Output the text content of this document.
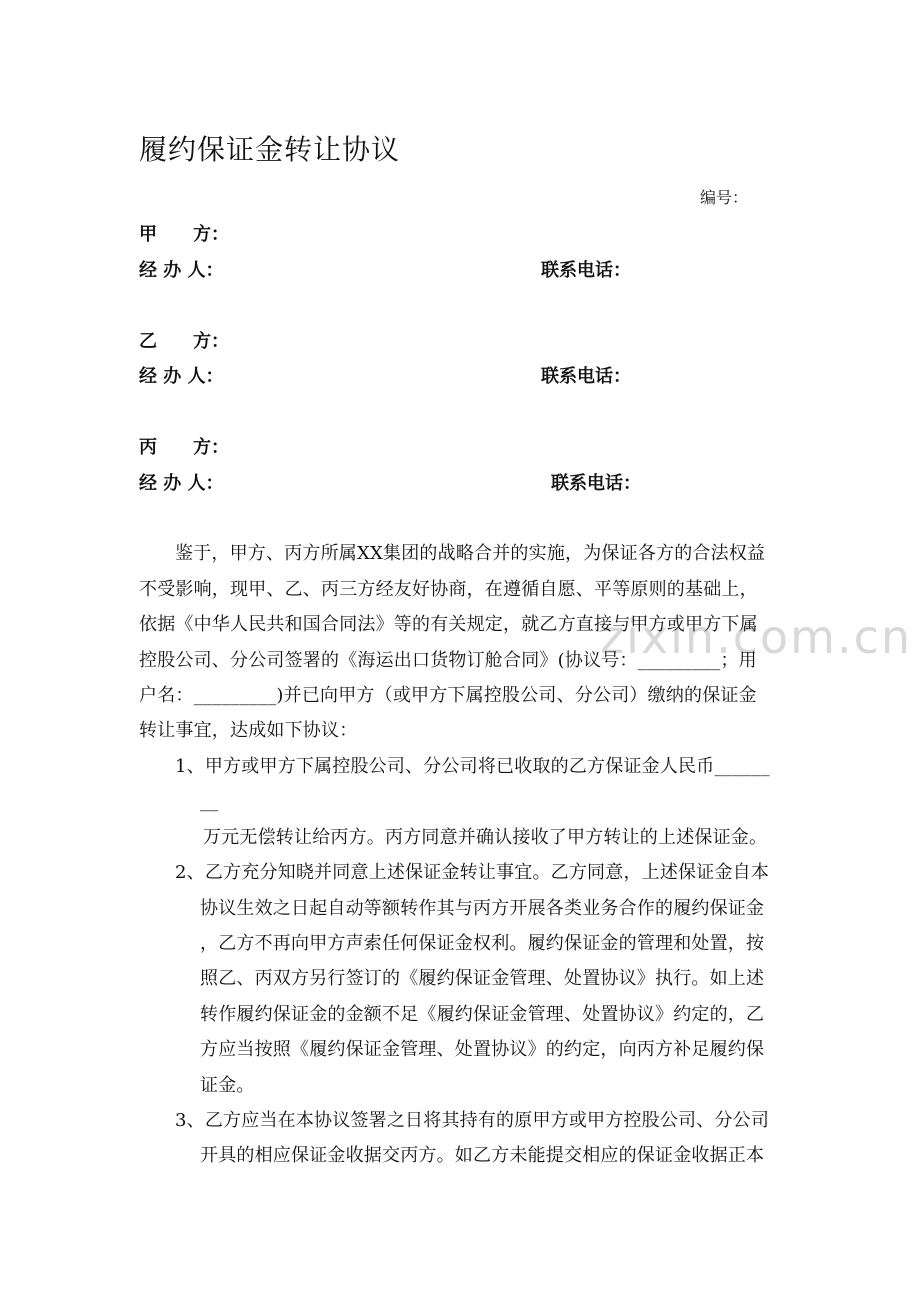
zixin.com.cn
履约保证金转让协议
编号：
甲　　方：
经 办 人：	联系电话：
乙　　方：
经 办 人：	联系电话：
丙　　方：
经 办 人：	联系电话：
鉴于，甲方、丙方所属XX集团的战略合并的实施，为保证各方的合法权益
不受影响，现甲、乙、丙三方经友好协商，在遵循自愿、平等原则的基础上，
依据《中华人民共和国合同法》等的有关规定，就乙方直接与甲方或甲方下属
控股公司、分公司签署的《海运出口货物订舱合同》(协议号：_________；用
户名：_________)并已向甲方（或甲方下属控股公司、分公司）缴纳的保证金
转让事宜，达成如下协议：
1、甲方或甲方下属控股公司、分公司将已收取的乙方保证金人民币______
__
万元无偿转让给丙方。丙方同意并确认接收了甲方转让的上述保证金。
2、乙方充分知晓并同意上述保证金转让事宜。乙方同意，上述保证金自本
协议生效之日起自动等额转作其与丙方开展各类业务合作的履约保证金
，乙方不再向甲方声索任何保证金权利。履约保证金的管理和处置，按
照乙、丙双方另行签订的《履约保证金管理、处置协议》执行。如上述
转作履约保证金的金额不足《履约保证金管理、处置协议》约定的，乙
方应当按照《履约保证金管理、处置协议》的约定，向丙方补足履约保
证金。
3、乙方应当在本协议签署之日将其持有的原甲方或甲方控股公司、分公司
开具的相应保证金收据交丙方。如乙方未能提交相应的保证金收据正本
